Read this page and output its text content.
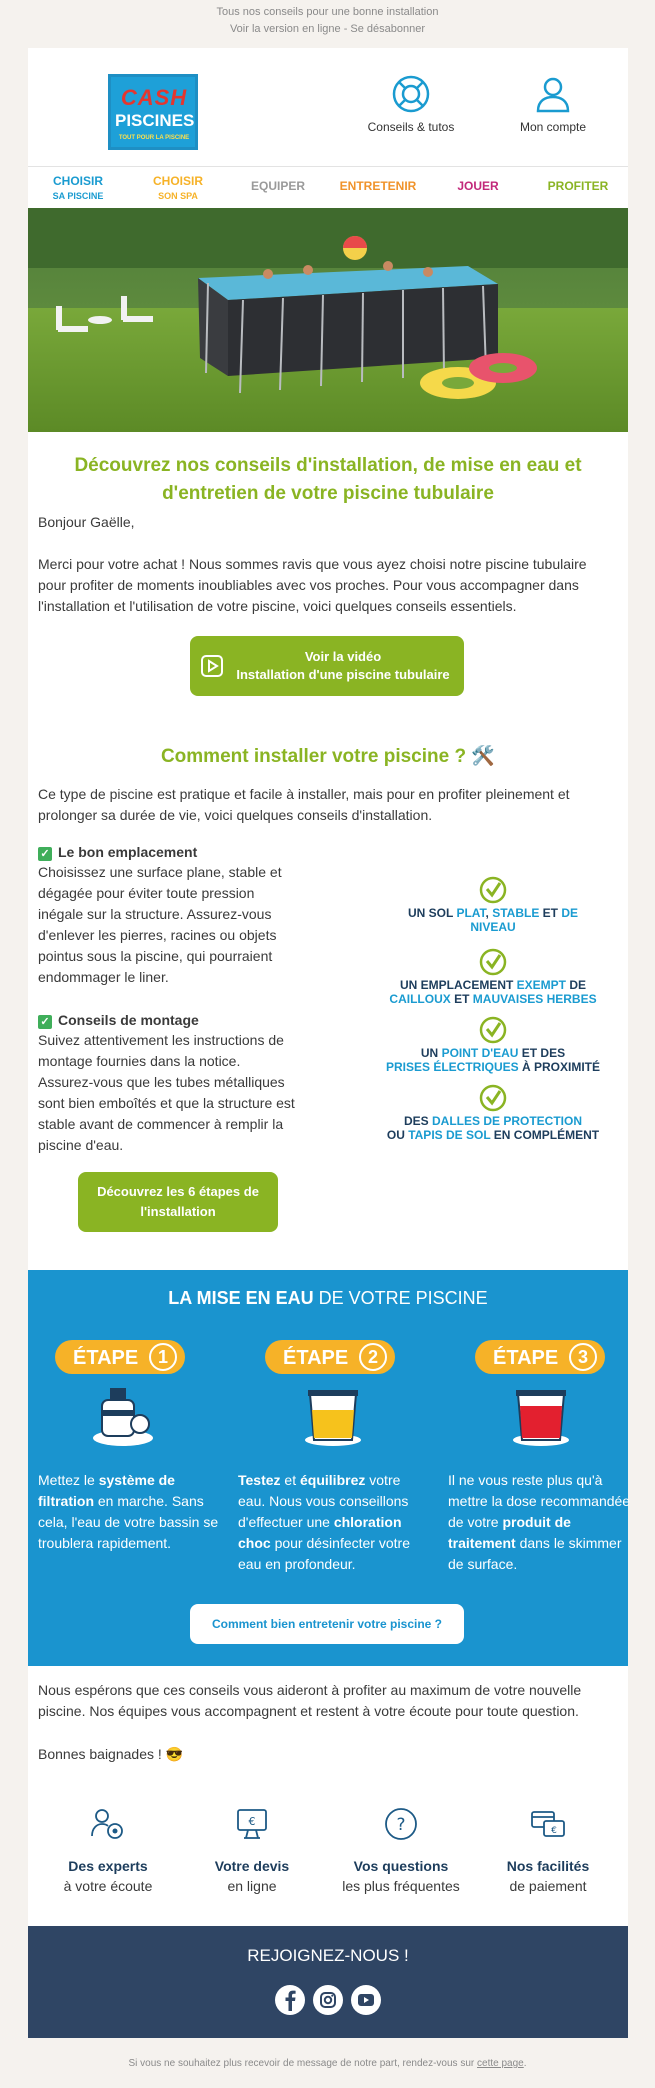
Tous nos conseils pour une bonne installation
Voir la version en ligne - Se désabonner
CASH
PISCINES
TOUT POUR LA PISCINE
Conseils & tutos	Mon compte
CHOISIR
SA PISCINE
CHOISIR
SON SPA
EQUIPER	ENTRETENIR	JOUER	PROFITER
Découvrez nos conseils d'installation, de mise en eau et d'entretien de votre piscine tubulaire
Bonjour Gaëlle,
Merci pour votre achat ! Nous sommes ravis que vous ayez choisi notre piscine tubulaire pour profiter de moments inoubliables avec vos proches. Pour vous accompagner dans l'installation et l'utilisation de votre piscine, voici quelques conseils essentiels.
Voir la vidéo
Installation d'une piscine tubulaire
Comment installer votre piscine ? 🛠️
Ce type de piscine est pratique et facile à installer, mais pour en profiter pleinement et prolonger sa durée de vie, voici quelques conseils d'installation.
✓ Le bon emplacement
Choisissez une surface plane, stable et dégagée pour éviter toute pression inégale sur la structure. Assurez-vous d'enlever les pierres, racines ou objets pointus sous la piscine, qui pourraient endommager le liner.
✓ Conseils de montage
Suivez attentivement les instructions de montage fournies dans la notice. Assurez-vous que les tubes métalliques sont bien emboîtés et que la structure est stable avant de commencer à remplir la piscine d'eau.
Découvrez les 6 étapes de l'installation
UN SOL PLAT, STABLE ET DE
NIVEAU
UN EMPLACEMENT EXEMPT DE
CAILLOUX ET MAUVAISES HERBES
UN POINT D'EAU ET DES
PRISES ÉLECTRIQUES À PROXIMITÉ
DES DALLES DE PROTECTION
OU TAPIS DE SOL EN COMPLÉMENT
LA MISE EN EAU DE VOTRE PISCINE
ÉTAPE	1	ÉTAPE	2	ÉTAPE	3
Mettez le système de filtration en marche. Sans cela, l'eau de votre bassin se troublera rapidement.
Testez et équilibrez votre eau. Nous vous conseillons d'effectuer une chloration choc pour désinfecter votre eau en profondeur.
Il ne vous reste plus qu'à mettre la dose recommandée de votre produit de traitement dans le skimmer de surface.
Comment bien entretenir votre piscine ?
Nous espérons que ces conseils vous aideront à profiter au maximum de votre nouvelle piscine. Nos équipes vous accompagnent et restent à votre écoute pour toute question.
Bonnes baignades ! 😎
Des experts
à votre écoute
€
Votre devis
en ligne
?
Vos questions
les plus fréquentes
€
Nos facilités
de paiement
REJOIGNEZ-NOUS !
Si vous ne souhaitez plus recevoir de message de notre part, rendez-vous sur cette page.
